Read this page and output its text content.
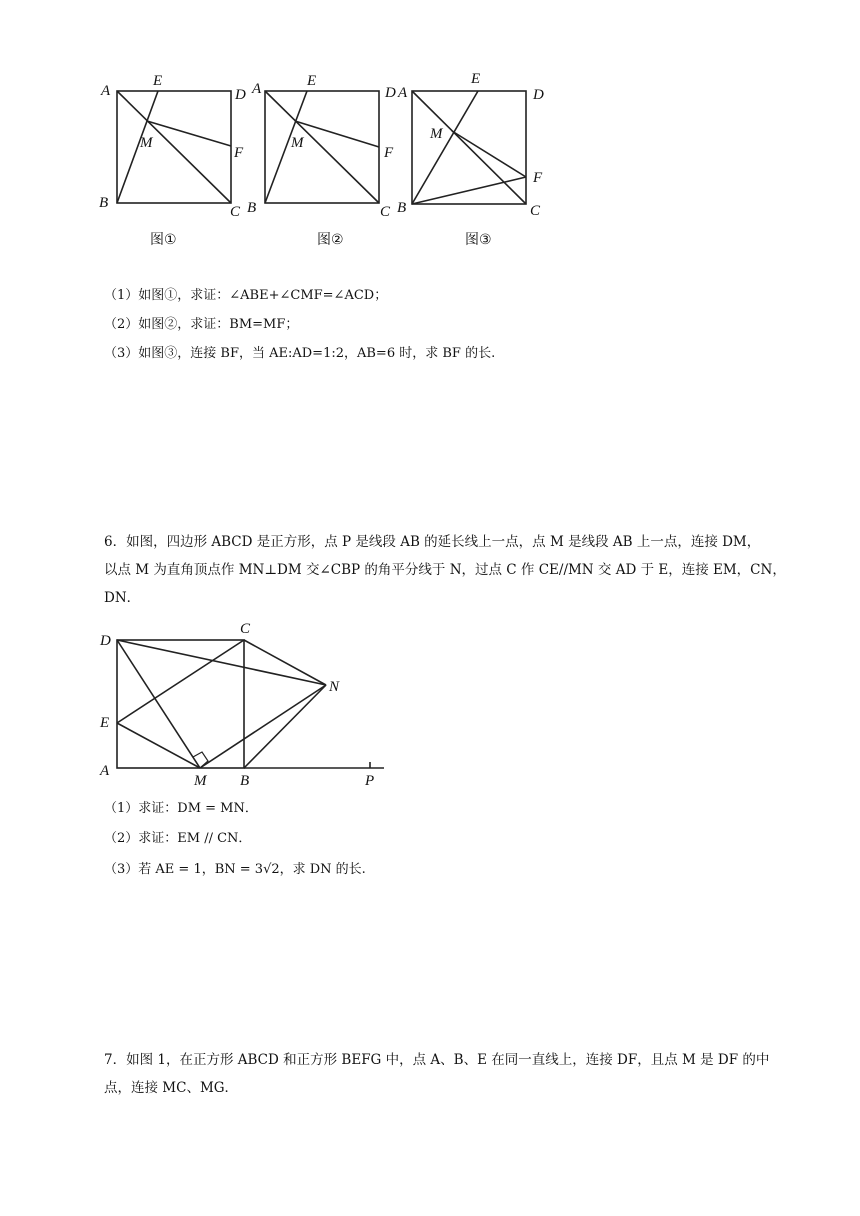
A
E
D
M
F
B
C
图①
A	E
D
M
F
B	C
图②
A
E
D
M
F
B	C
图③
（1）如图①，求证：∠ABE+∠CMF=∠ACD；
（2）如图②，求证：BM=MF；
（3）如图③，连接 BF，当 AE:AD=1:2，AB=6 时，求 BF 的长.
6．如图，四边形 ABCD 是正方形，点 P 是线段 AB 的延长线上一点，点 M 是线段 AB 上一点，连接 DM，
以点 M 为直角顶点作 MN⊥DM 交∠CBP 的角平分线于 N，过点 C 作 CE//MN 交 AD 于 E，连接 EM，CN，
DN．
D
C
N
E
A
M B	P
（1）求证：DM = MN．
（2）求证：EM // CN．
（3）若 AE = 1，BN = 3√2，求 DN 的长.
7．如图 1，在正方形 ABCD 和正方形 BEFG 中，点 A、B、E 在同一直线上，连接 DF，且点 M 是 DF 的中
点，连接 MC、MG．
